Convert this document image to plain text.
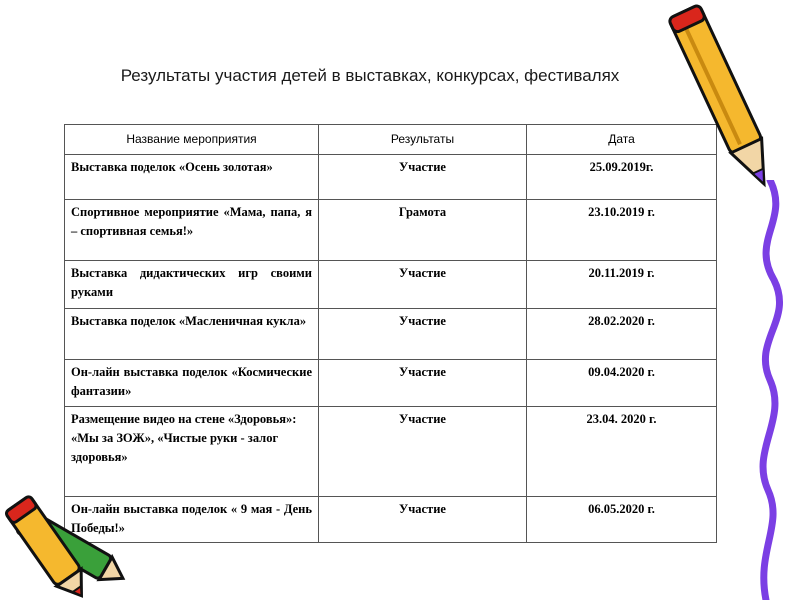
Результаты участия детей в выставках, конкурсах, фестивалях
Название мероприятия	Результаты	Дата
Выставка поделок «Осень золотая»	Участие	25.09.2019г.
Спортивное мероприятие «Мама, папа, я – спортивная семья!»	Грамота	23.10.2019 г.
Выставка дидактических игр своими руками	Участие	20.11.2019 г.
Выставка поделок «Масленичная кукла»	Участие	28.02.2020 г.
Он-лайн выставка поделок «Космические фантазии»	Участие	09.04.2020 г.
Размещение видео на стене «Здоровья»: «Мы за ЗОЖ», «Чистые руки - залог здоровья»	Участие	23.04. 2020 г.
Он-лайн выставка поделок « 9 мая - День Победы!»	Участие	06.05.2020 г.
